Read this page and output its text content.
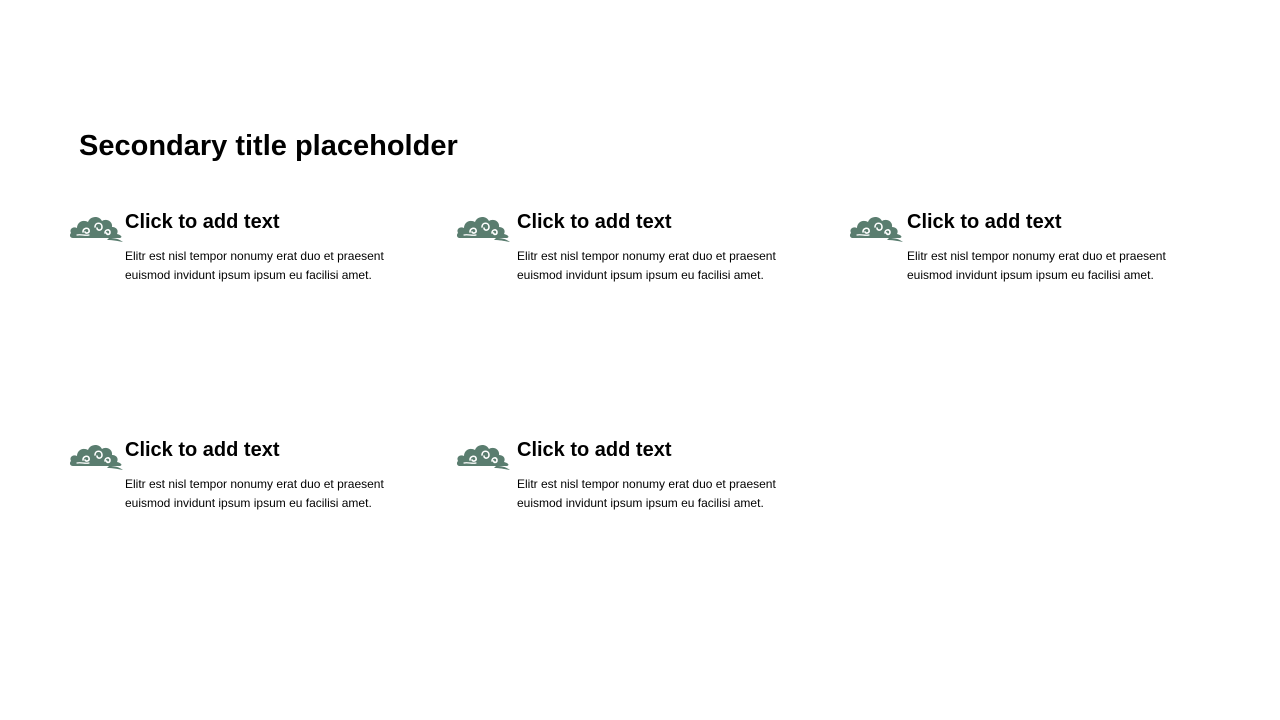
Secondary title placeholder
Click to add text

Elitr est nisl tempor nonumy erat duo et praesent euismod invidunt ipsum ipsum eu facilisi amet.

Click to add text

Elitr est nisl tempor nonumy erat duo et praesent euismod invidunt ipsum ipsum eu facilisi amet.

Click to add text

Elitr est nisl tempor nonumy erat duo et praesent euismod invidunt ipsum ipsum eu facilisi amet.

Click to add text

Elitr est nisl tempor nonumy erat duo et praesent euismod invidunt ipsum ipsum eu facilisi amet.

Click to add text

Elitr est nisl tempor nonumy erat duo et praesent euismod invidunt ipsum ipsum eu facilisi amet.
